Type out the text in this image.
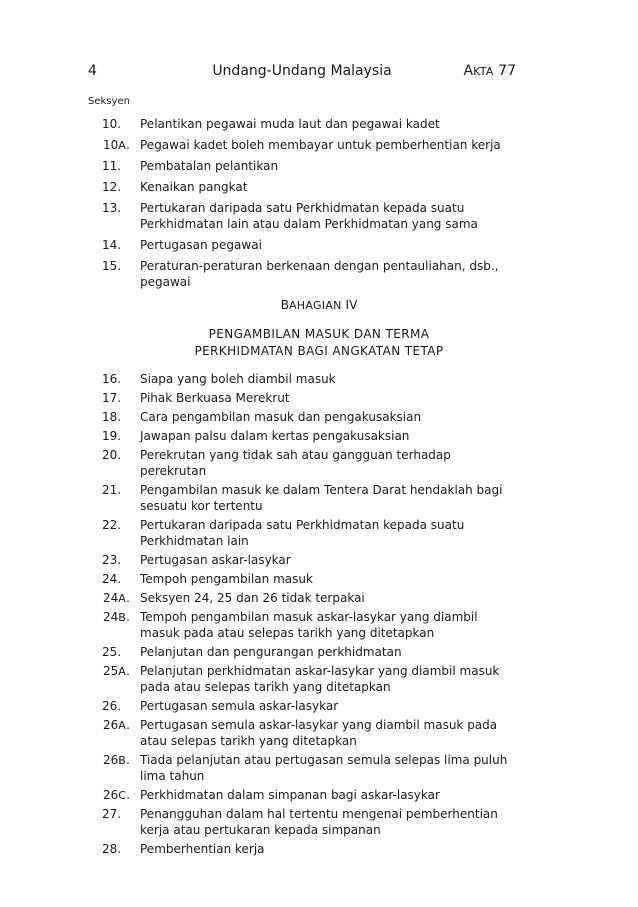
4	Undang-Undang Malaysia	AKTA 77
Seksyen
10. Pelantikan pegawai muda laut dan pegawai kadet
10A. Pegawai kadet boleh membayar untuk pemberhentian kerja
11. Pembatalan pelantikan
12. Kenaikan pangkat
13. Pertukaran daripada satu Perkhidmatan kepada suatu Perkhidmatan lain atau dalam Perkhidmatan yang sama
14. Pertugasan pegawai
15. Peraturan-peraturan berkenaan dengan pentauliahan, dsb., pegawai
BAHAGIAN IV
PENGAMBILAN MASUK DAN TERMA
PERKHIDMATAN BAGI ANGKATAN TETAP
16. Siapa yang boleh diambil masuk
17. Pihak Berkuasa Merekrut
18. Cara pengambilan masuk dan pengakusaksian
19. Jawapan palsu dalam kertas pengakusaksian
20. Perekrutan yang tidak sah atau gangguan terhadap perekrutan
21. Pengambilan masuk ke dalam Tentera Darat hendaklah bagi sesuatu kor tertentu
22. Pertukaran daripada satu Perkhidmatan kepada suatu Perkhidmatan lain
23. Pertugasan askar-lasykar
24. Tempoh pengambilan masuk
24A. Seksyen 24, 25 dan 26 tidak terpakai
24B. Tempoh pengambilan masuk askar-lasykar yang diambil masuk pada atau selepas tarikh yang ditetapkan
25. Pelanjutan dan pengurangan perkhidmatan
25A. Pelanjutan perkhidmatan askar-lasykar yang diambil masuk pada atau selepas tarikh yang ditetapkan
26. Pertugasan semula askar-lasykar
26A. Pertugasan semula askar-lasykar yang diambil masuk pada atau selepas tarikh yang ditetapkan
26B. Tiada pelanjutan atau pertugasan semula selepas lima puluh lima tahun
26C. Perkhidmatan dalam simpanan bagi askar-lasykar
27. Penangguhan dalam hal tertentu mengenai pemberhentian kerja atau pertukaran kepada simpanan
28. Pemberhentian kerja
